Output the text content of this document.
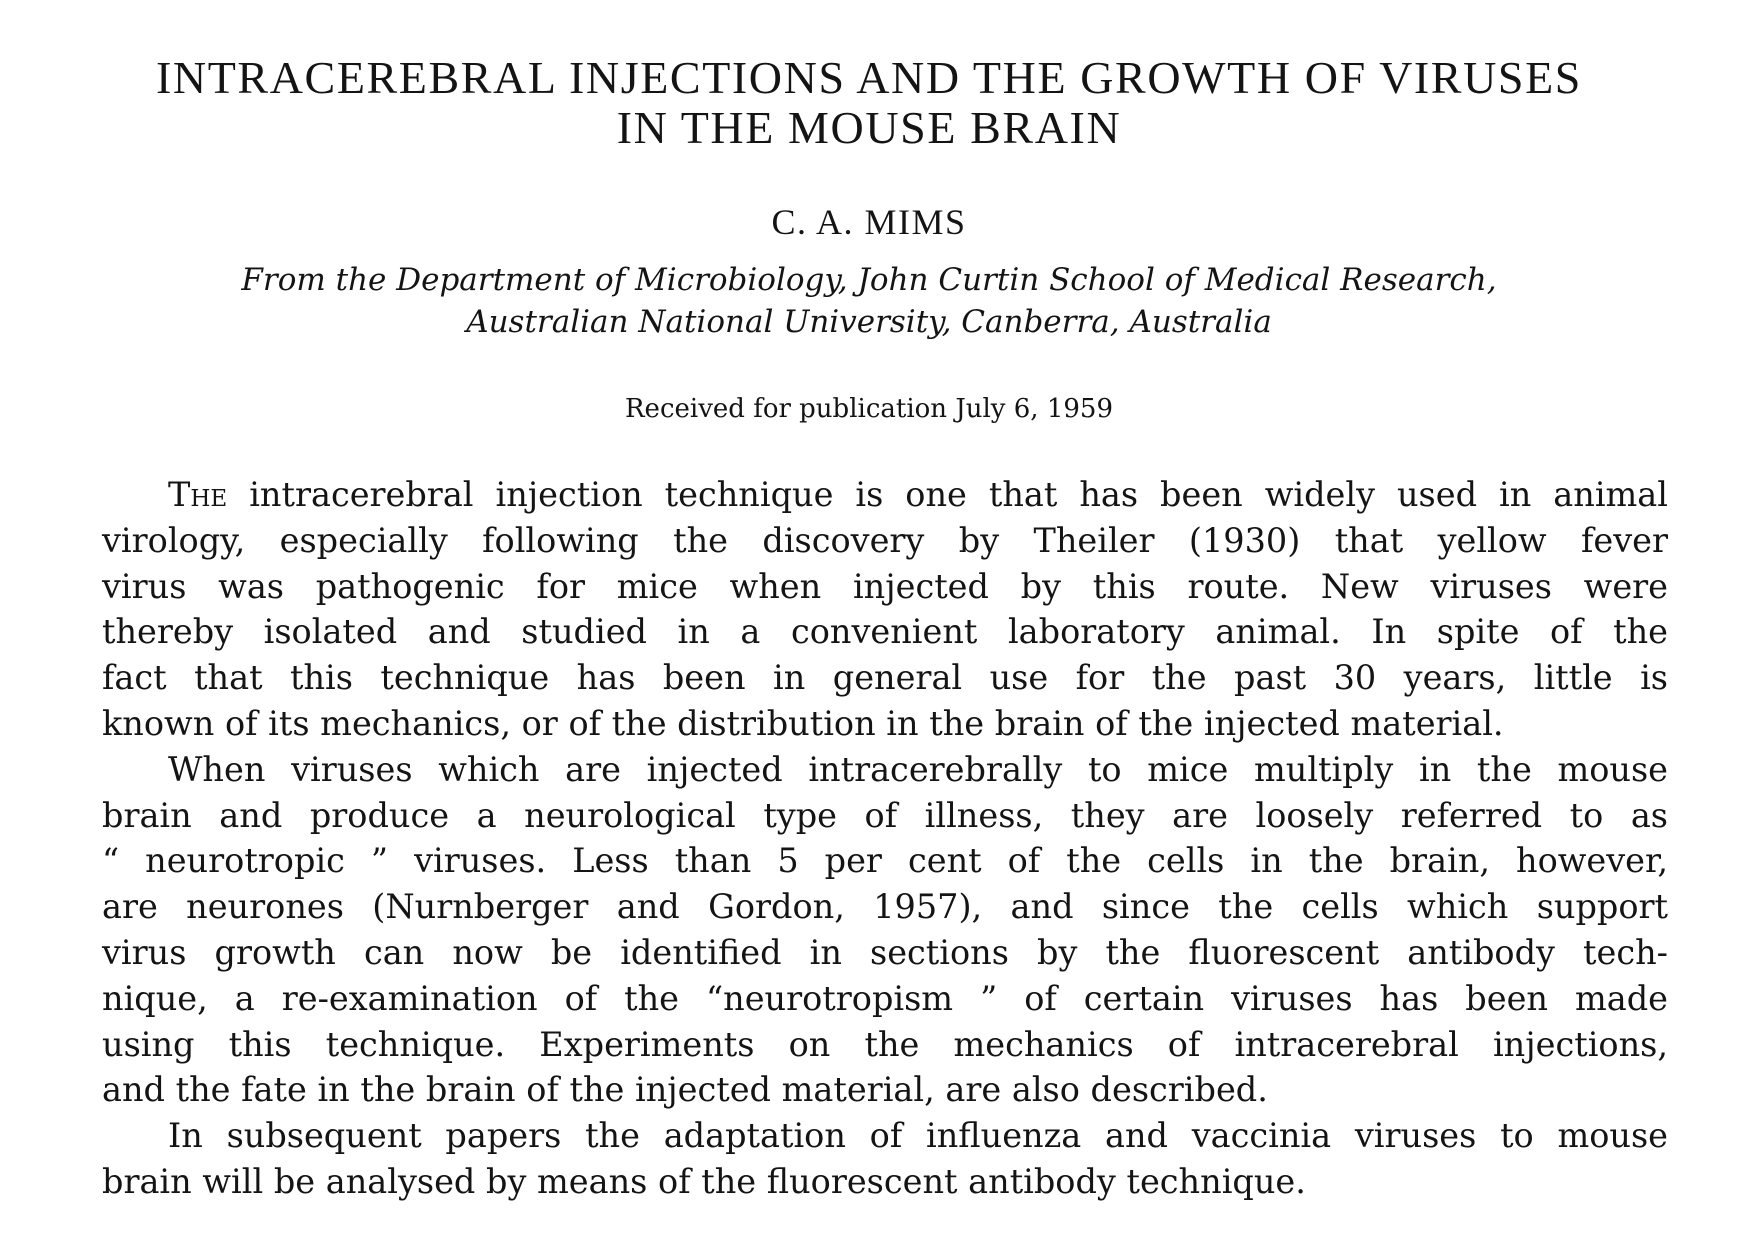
INTRACEREBRAL INJECTIONS AND THE GROWTH OF VIRUSES
IN THE MOUSE BRAIN
C. A. MIMS
From the Department of Microbiology, John Curtin School of Medical Research,
Australian National University, Canberra, Australia
Received for publication July 6, 1959
The intracerebral injection technique is one that has been widely used in animal
virology, especially following the discovery by Theiler (1930) that yellow fever
virus was pathogenic for mice when injected by this route. New viruses were
thereby isolated and studied in a convenient laboratory animal. In spite of the
fact that this technique has been in general use for the past 30 years, little is
known of its mechanics, or of the distribution in the brain of the injected material.
When viruses which are injected intracerebrally to mice multiply in the mouse
brain and produce a neurological type of illness, they are loosely referred to as
“ neurotropic ” viruses. Less than 5 per cent of the cells in the brain, however,
are neurones (Nurnberger and Gordon, 1957), and since the cells which support
virus growth can now be identified in sections by the fluorescent antibody tech-
nique, a re-examination of the “neurotropism ” of certain viruses has been made
using this technique. Experiments on the mechanics of intracerebral injections,
and the fate in the brain of the injected material, are also described.
In subsequent papers the adaptation of influenza and vaccinia viruses to mouse
brain will be analysed by means of the fluorescent antibody technique.
